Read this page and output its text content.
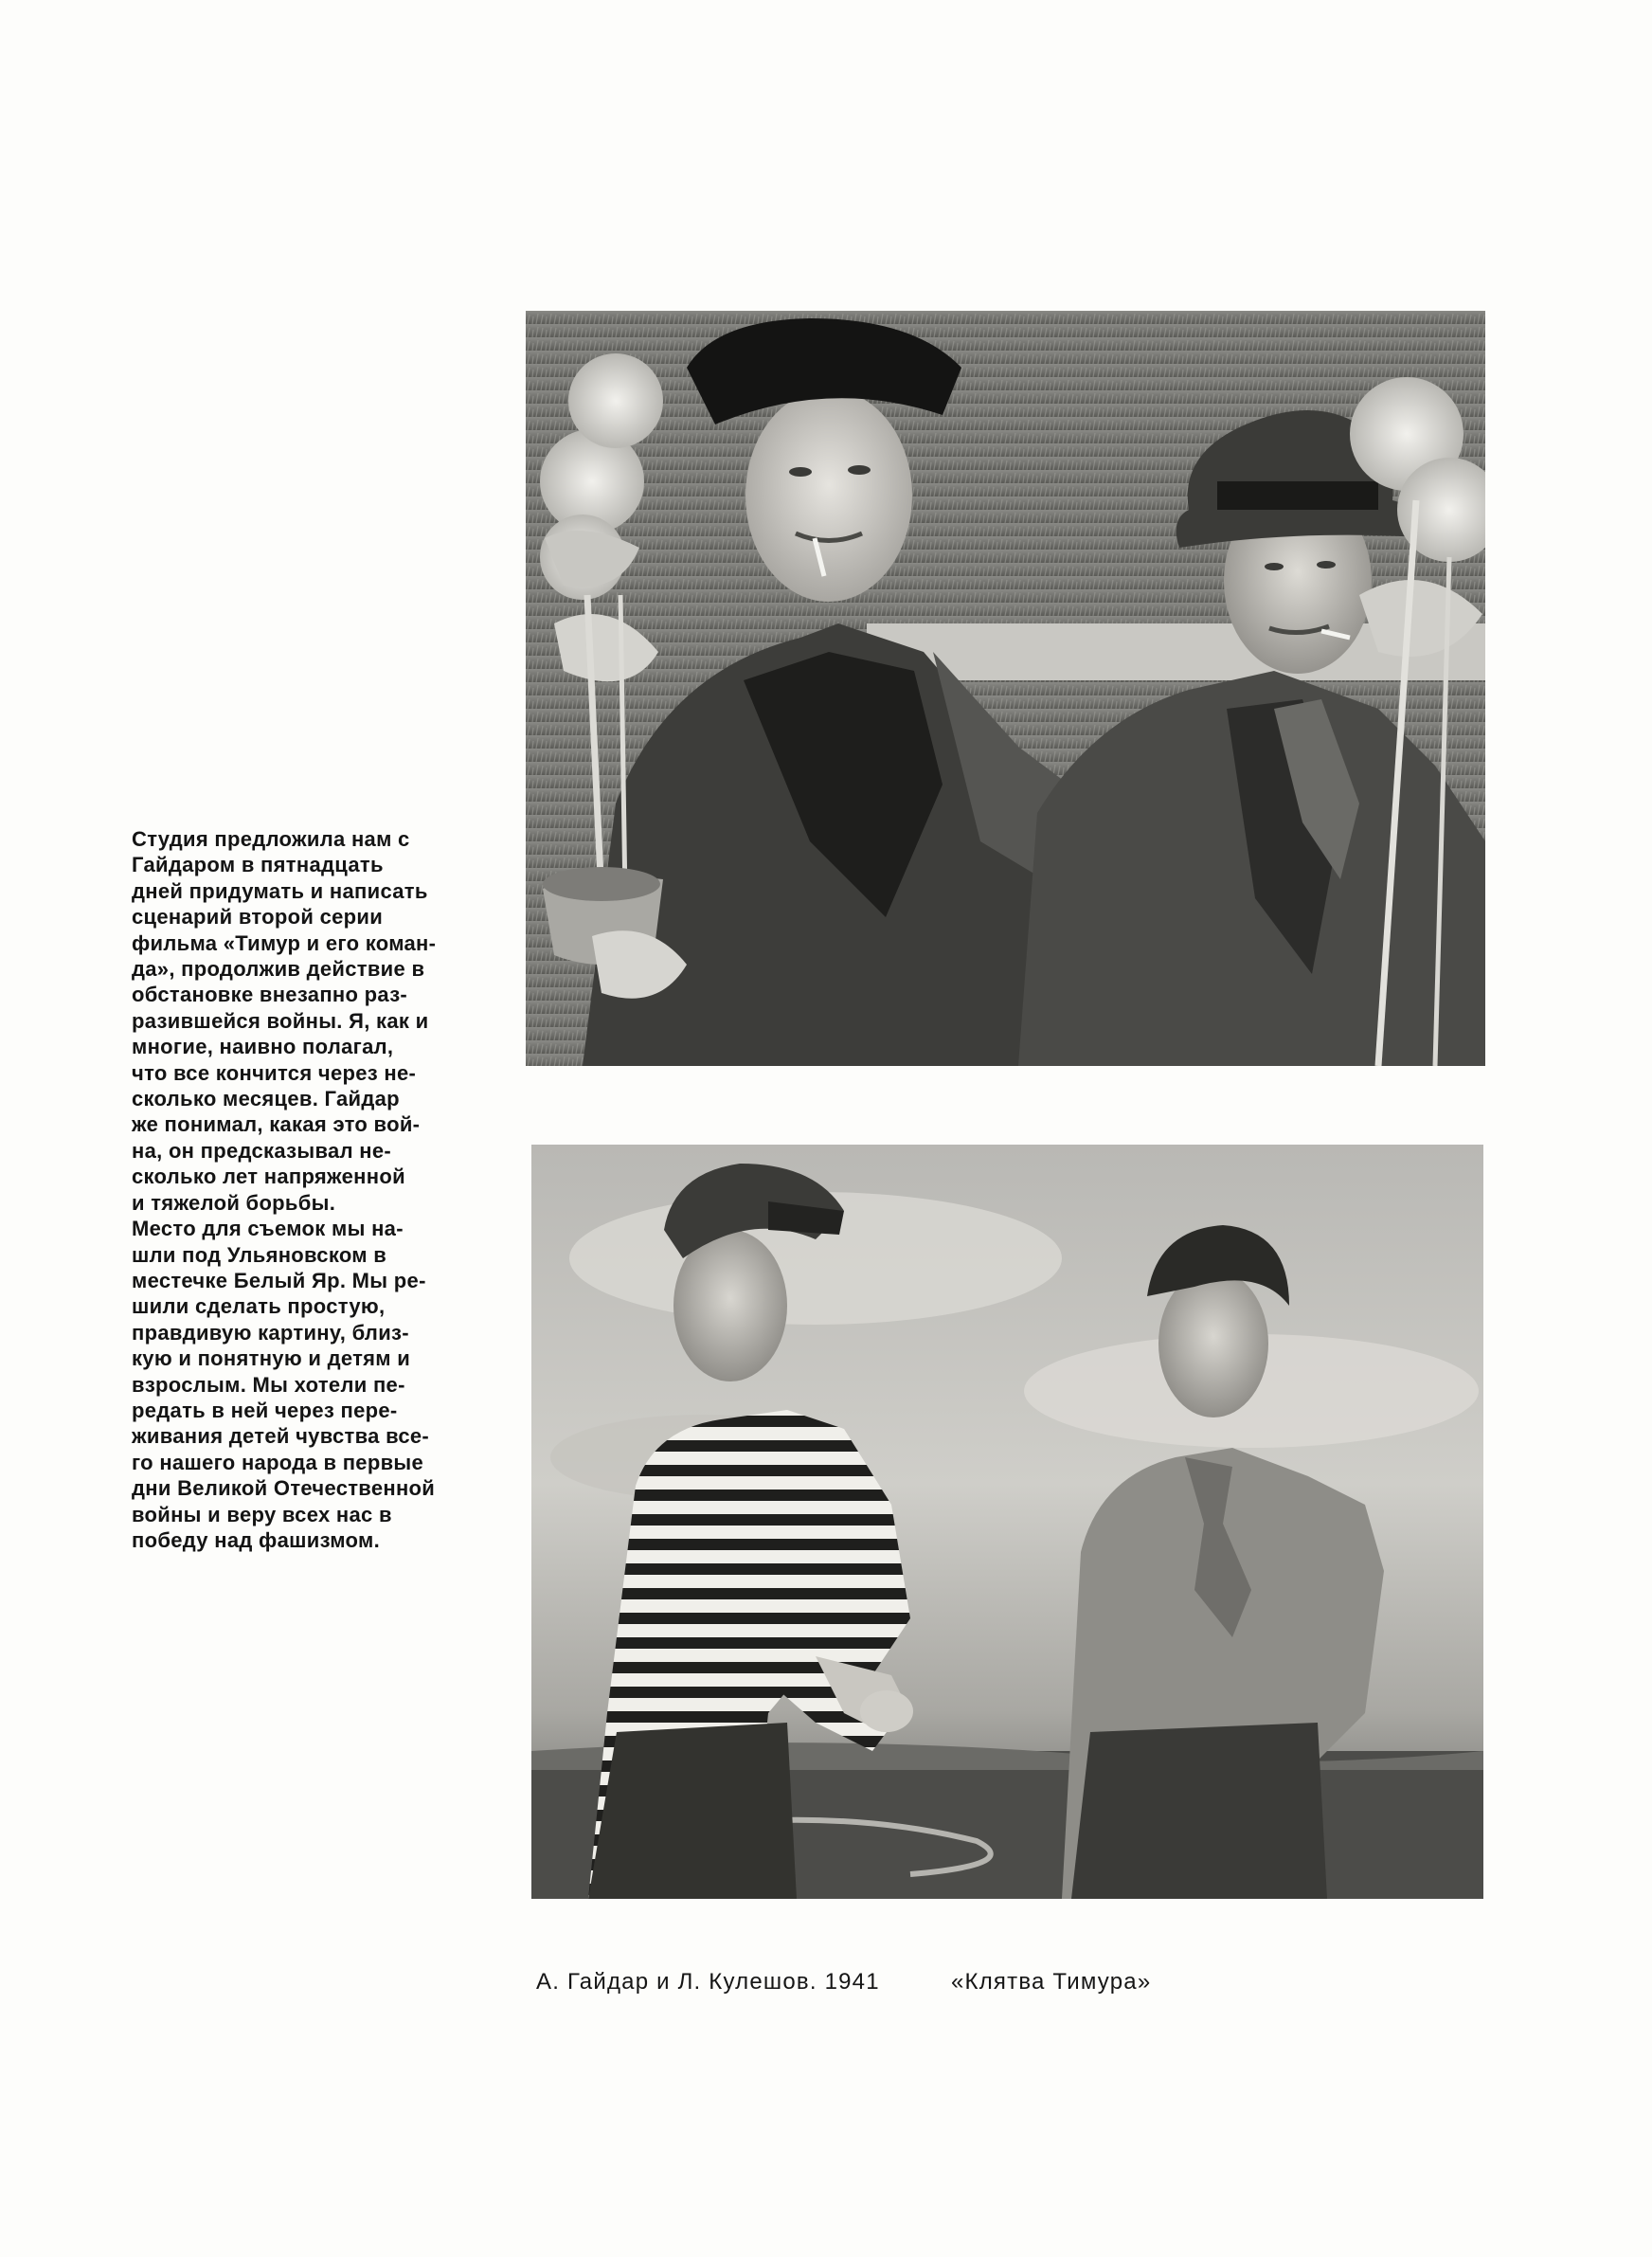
Студия предложила нам с
Гайдаром в пятнадцать
дней придумать и написать
сценарий второй серии
фильма «Тимур и его коман-
да», продолжив действие в
обстановке внезапно раз-
разившейся войны. Я, как и
многие, наивно полагал,
что все кончится через не-
сколько месяцев. Гайдар
же понимал, какая это вой-
на, он предсказывал не-
сколько лет напряженной
и тяжелой борьбы.
Место для съемок мы на-
шли под Ульяновском в
местечке Белый Яр. Мы ре-
шили сделать простую,
правдивую картину, близ-
кую и понятную и детям и
взрослым. Мы хотели пе-
редать в ней через пере-
живания детей чувства все-
го нашего народа в первые
дни Великой Отечественной
войны и веру всех нас в
победу над фашизмом.
А. Гайдар и Л. Кулешов. 1941	«Клятва Тимура»
